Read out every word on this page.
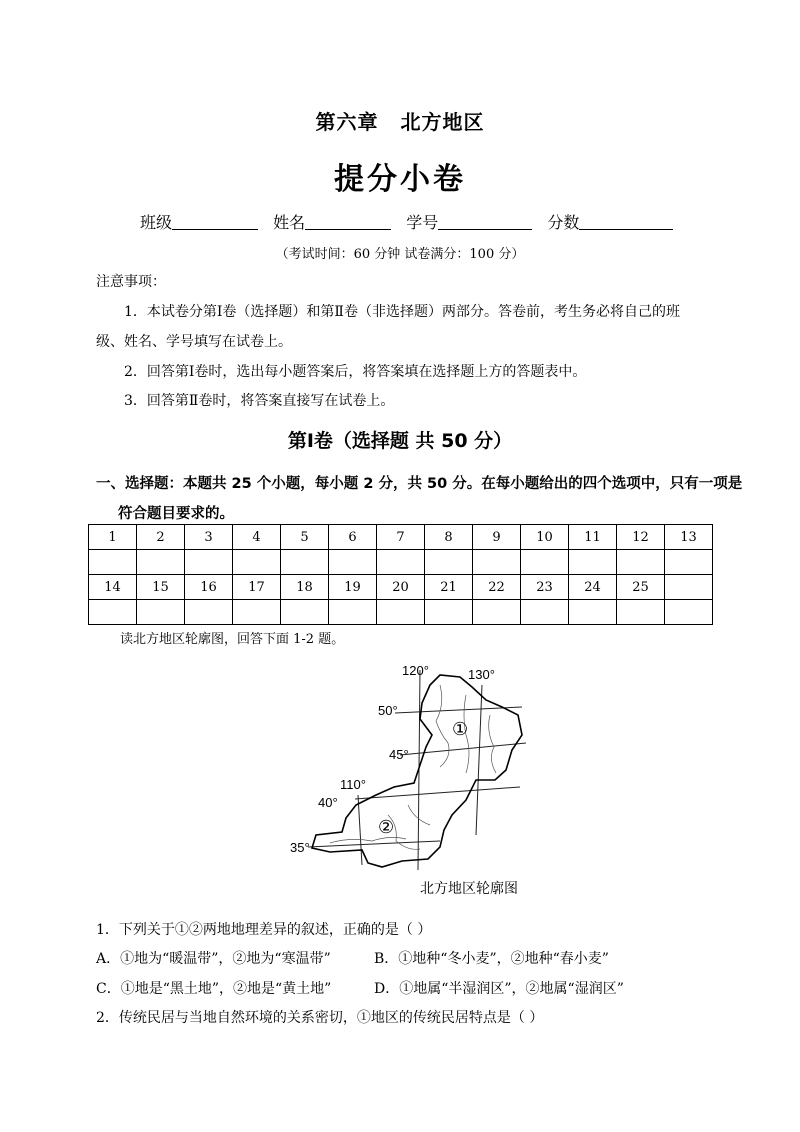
第六章 北方地区
提分小卷
班级	姓名	学号	分数
（考试时间：60 分钟 试卷满分：100 分）
注意事项：
1．本试卷分第Ⅰ卷（选择题）和第Ⅱ卷（非选择题）两部分。答卷前，考生务必将自己的班
级、姓名、学号填写在试卷上。
2．回答第Ⅰ卷时，选出每小题答案后，将答案填在选择题上方的答题表中。
3．回答第Ⅱ卷时，将答案直接写在试卷上。
第Ⅰ卷（选择题 共 50 分）
一、选择题：本题共 25 个小题，每小题 2 分，共 50 分。在每小题给出的四个选项中，只有一项是
符合题目要求的。
1	2	3	4	5	6	7	8	9	10	11	12	13

14	15	16	17	18	19	20	21	22	23	24	25	

读北方地区轮廓图，回答下面 1-2 题。
120°	130°
50°
45°
110°
40°
35°
①
②
北方地区轮廓图
1．下列关于①②两地地理差异的叙述，正确的是（ ）
A．①地为“暖温带”，②地为“寒温带”	B．①地种“冬小麦”，②地种“春小麦”
C．①地是“黑土地”，②地是“黄土地”	D．①地属“半湿润区”，②地属“湿润区”
2．传统民居与当地自然环境的关系密切，①地区的传统民居特点是（ ）
